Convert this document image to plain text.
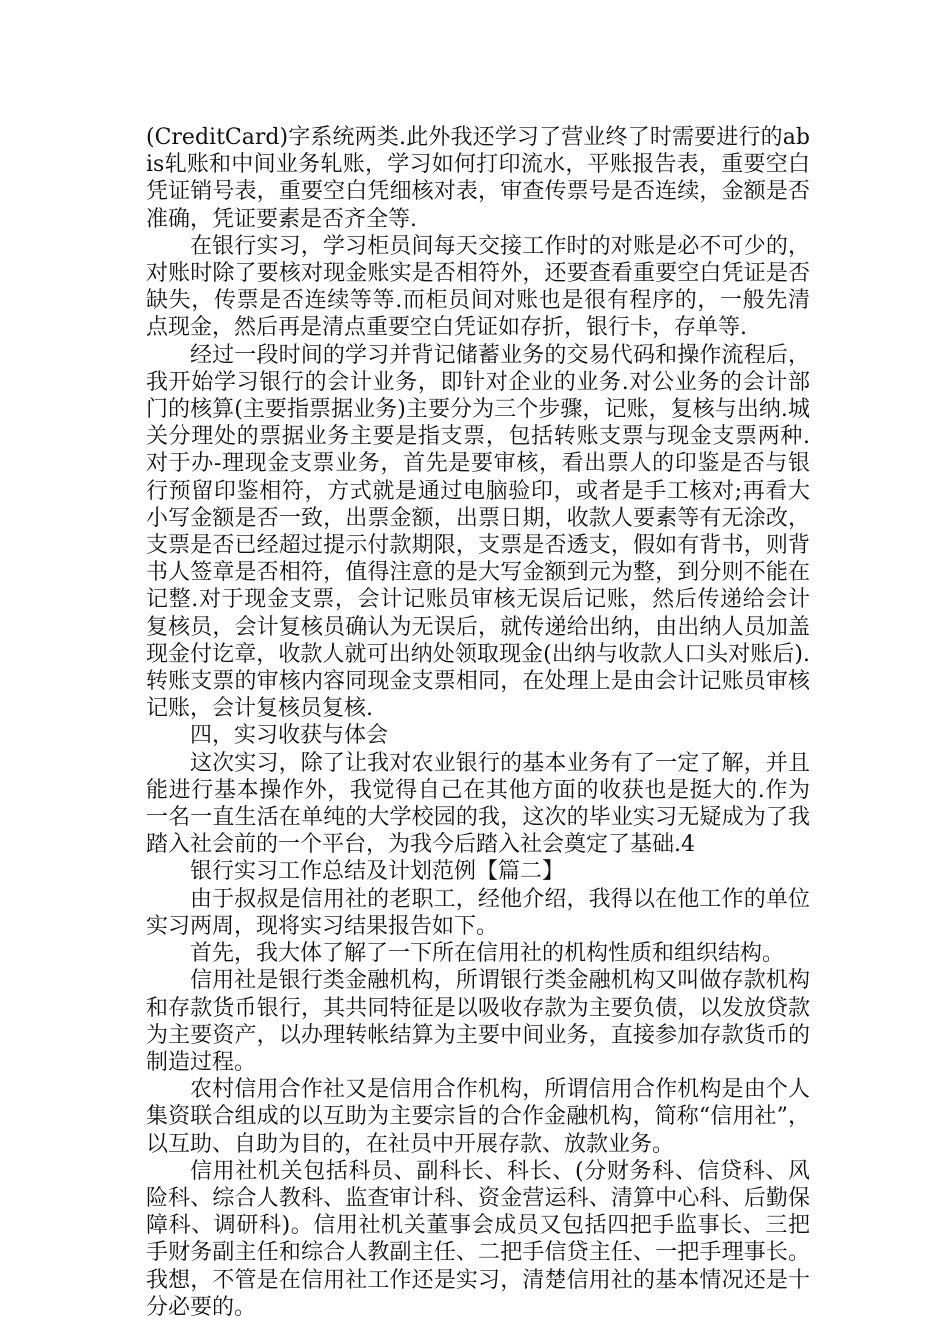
(CreditCard)字系统两类.此外我还学习了营业终了时需要进行的abis轧账和中间业务轧账，学习如何打印流水，平账报告表，重要空白凭证销号表，重要空白凭细核对表，审查传票号是否连续，金额是否准确，凭证要素是否齐全等.

在银行实习，学习柜员间每天交接工作时的对账是必不可少的，对账时除了要核对现金账实是否相符外，还要查看重要空白凭证是否缺失，传票是否连续等等.而柜员间对账也是很有程序的，一般先清点现金，然后再是清点重要空白凭证如存折，银行卡，存单等.

经过一段时间的学习并背记储蓄业务的交易代码和操作流程后，我开始学习银行的会计业务，即针对企业的业务.对公业务的会计部门的核算(主要指票据业务)主要分为三个步骤，记账，复核与出纳.城关分理处的票据业务主要是指支票，包括转账支票与现金支票两种.对于办-理现金支票业务，首先是要审核，看出票人的印鉴是否与银行预留印鉴相符，方式就是通过电脑验印，或者是手工核对;再看大小写金额是否一致，出票金额，出票日期，收款人要素等有无涂改，支票是否已经超过提示付款期限，支票是否透支，假如有背书，则背书人签章是否相符，值得注意的是大写金额到元为整，到分则不能在记整.对于现金支票，会计记账员审核无误后记账，然后传递给会计复核员，会计复核员确认为无误后，就传递给出纳，由出纳人员加盖现金付讫章，收款人就可出纳处领取现金(出纳与收款人口头对账后).转账支票的审核内容同现金支票相同，在处理上是由会计记账员审核记账，会计复核员复核.

四，实习收获与体会

这次实习，除了让我对农业银行的基本业务有了一定了解，并且能进行基本操作外，我觉得自己在其他方面的收获也是挺大的.作为一名一直生活在单纯的大学校园的我，这次的毕业实习无疑成为了我踏入社会前的一个平台，为我今后踏入社会奠定了基础.4

银行实习工作总结及计划范例【篇二】

由于叔叔是信用社的老职工，经他介绍，我得以在他工作的单位实习两周，现将实习结果报告如下。

首先，我大体了解了一下所在信用社的机构性质和组织结构。

信用社是银行类金融机构，所谓银行类金融机构又叫做存款机构和存款货币银行，其共同特征是以吸收存款为主要负债，以发放贷款为主要资产，以办理转帐结算为主要中间业务，直接参加存款货币的制造过程。

农村信用合作社又是信用合作机构，所谓信用合作机构是由个人集资联合组成的以互助为主要宗旨的合作金融机构，简称“信用社”，以互助、自助为目的，在社员中开展存款、放款业务。

信用社机关包括科员、副科长、科长、(分财务科、信贷科、风险科、综合人教科、监查审计科、资金营运科、清算中心科、后勤保障科、调研科)。信用社机关董事会成员又包括四把手监事长、三把手财务副主任和综合人教副主任、二把手信贷主任、一把手理事长。我想，不管是在信用社工作还是实习，清楚信用社的基本情况还是十分必要的。
